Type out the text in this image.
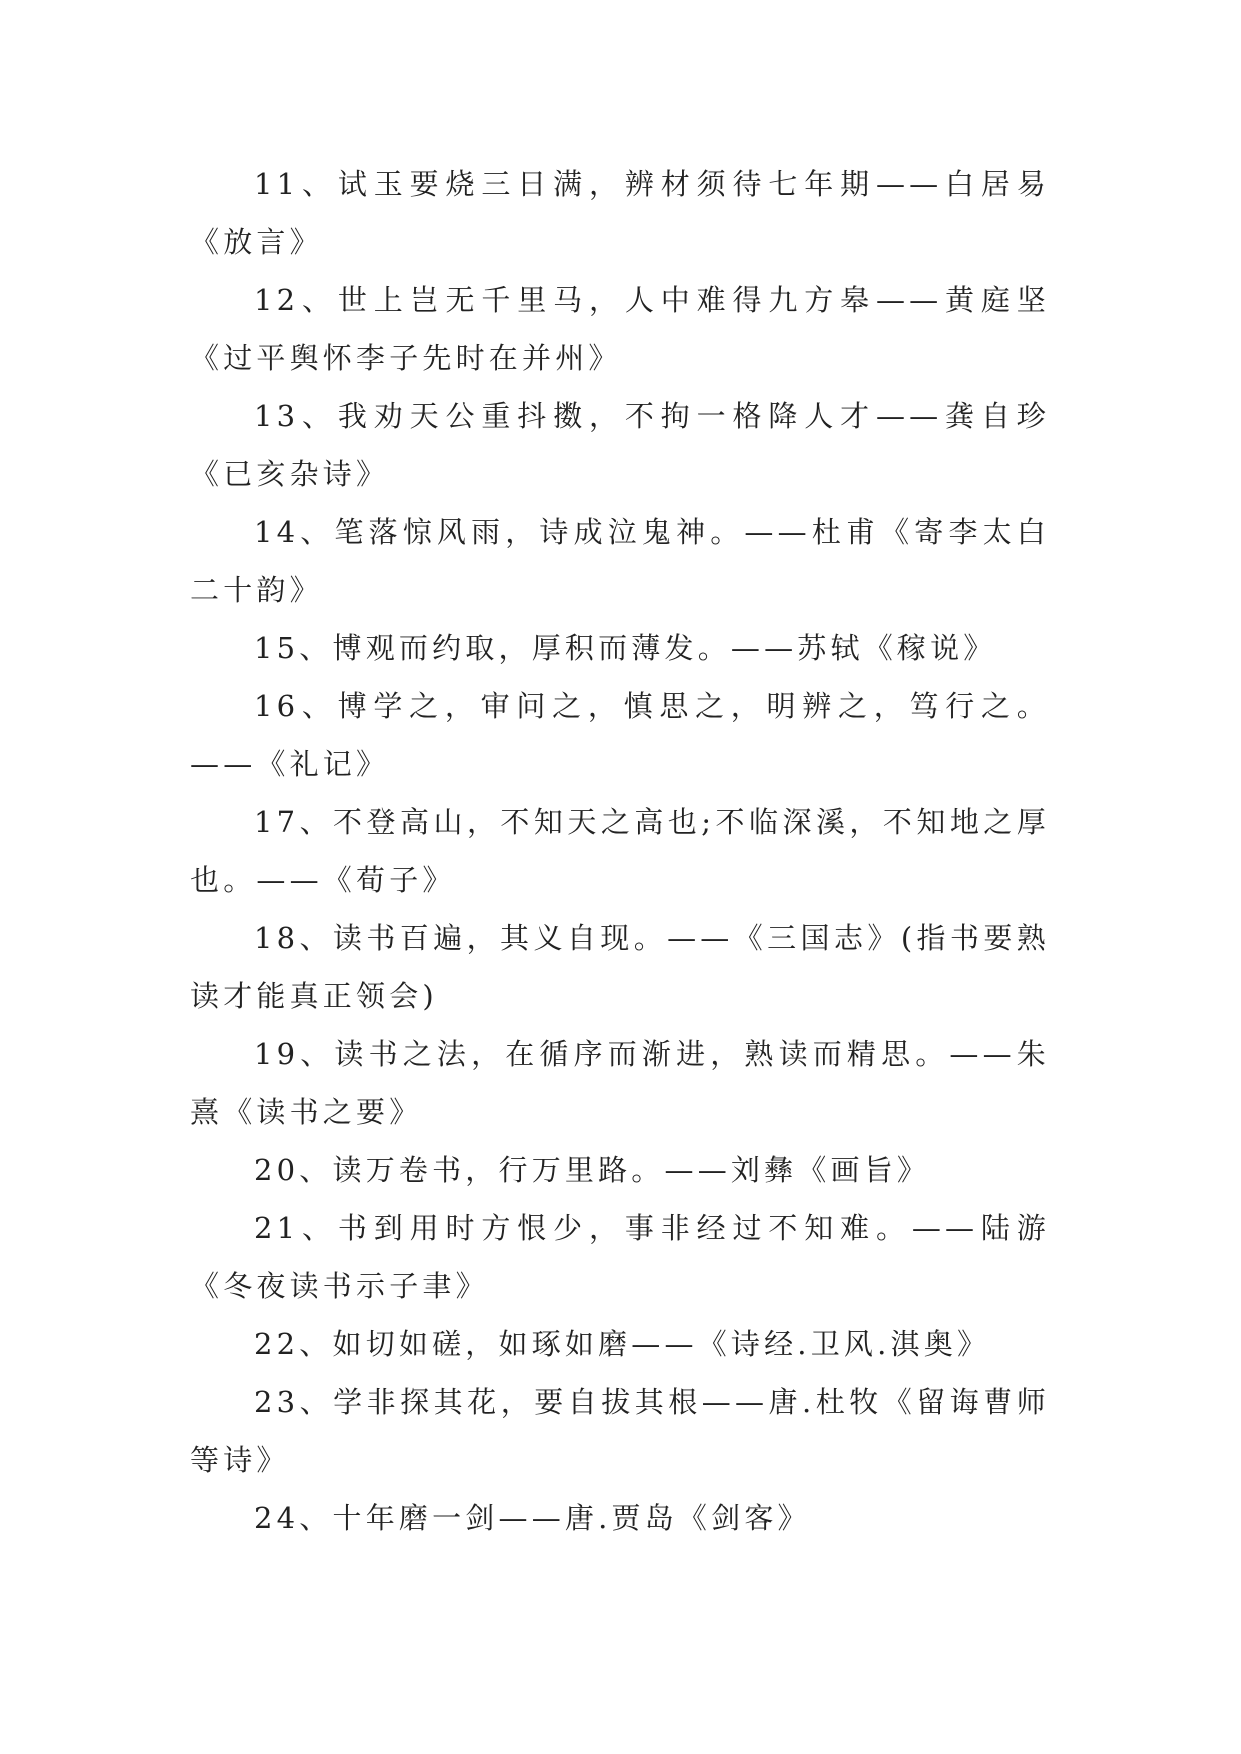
11、试玉要烧三日满，辨材须待七年期——白居易《放言》

12、世上岂无千里马，人中难得九方皋——黄庭坚《过平舆怀李子先时在并州》

13、我劝天公重抖擞，不拘一格降人才——龚自珍《已亥杂诗》

14、笔落惊风雨，诗成泣鬼神。——杜甫《寄李太白二十韵》

15、博观而约取，厚积而薄发。——苏轼《稼说》

16、博学之，审问之，慎思之，明辨之，笃行之。——《礼记》

17、不登高山，不知天之高也;不临深溪，不知地之厚也。——《荀子》

18、读书百遍，其义自现。——《三国志》(指书要熟读才能真正领会)

19、读书之法，在循序而渐进，熟读而精思。——朱熹《读书之要》

20、读万卷书，行万里路。——刘彝《画旨》

21、书到用时方恨少，事非经过不知难。——陆游《冬夜读书示子聿》

22、如切如磋，如琢如磨——《诗经.卫风.淇奥》

23、学非探其花，要自拔其根——唐.杜牧《留诲曹师等诗》

24、十年磨一剑——唐.贾岛《剑客》
